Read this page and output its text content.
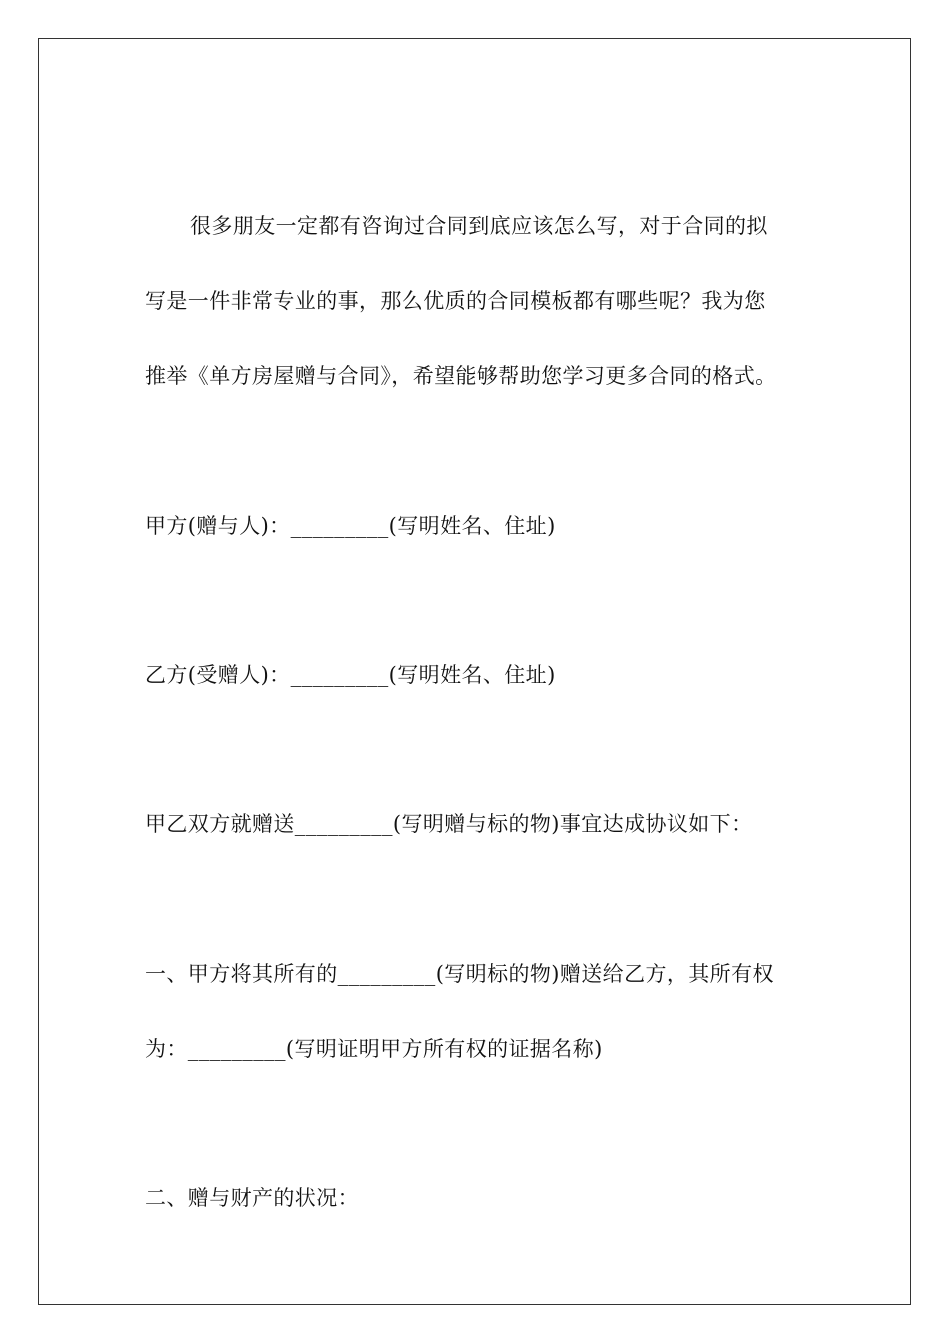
很多朋友一定都有咨询过合同到底应该怎么写，对于合同的拟
写是一件非常专业的事，那么优质的合同模板都有哪些呢？我为您
推举《单方房屋赠与合同》，希望能够帮助您学习更多合同的格式。
甲方(赠与人)：_________(写明姓名、住址)
乙方(受赠人)：_________(写明姓名、住址)
甲乙双方就赠送_________(写明赠与标的物)事宜达成协议如下：
一、甲方将其所有的_________(写明标的物)赠送给乙方，其所有权
为：_________(写明证明甲方所有权的证据名称)
二、赠与财产的状况：
